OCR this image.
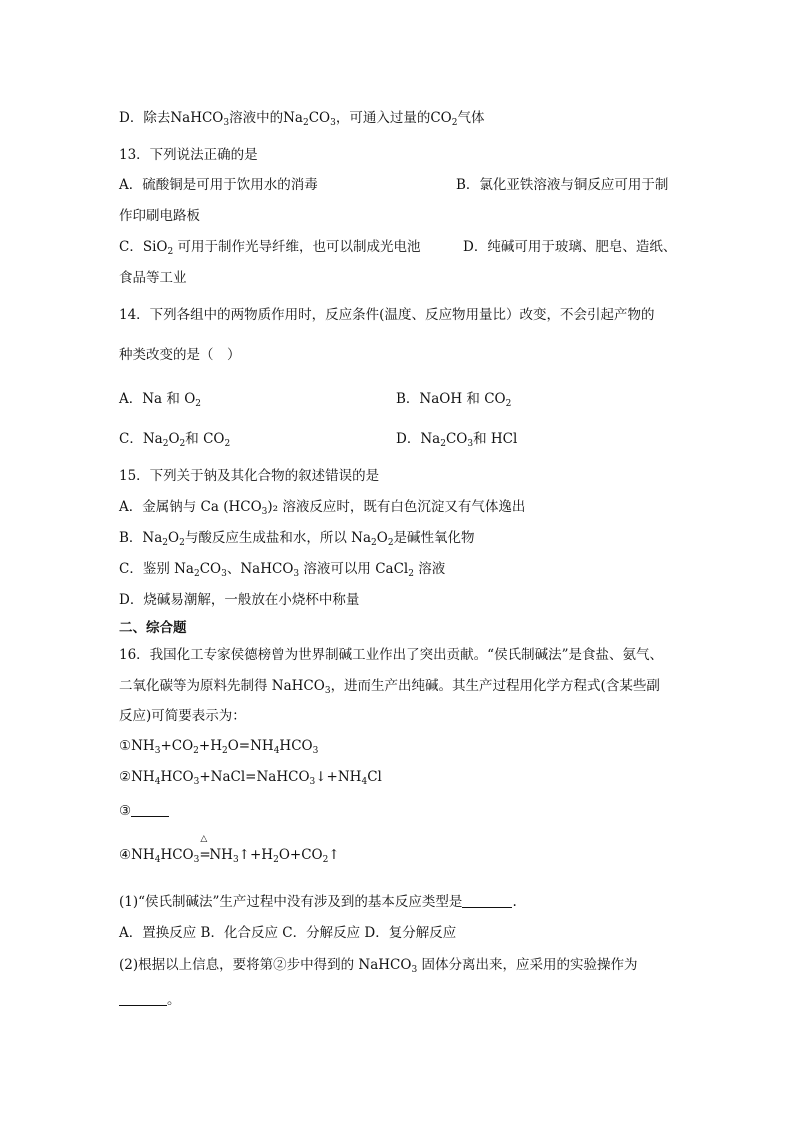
D．除去NaHCO$_3$溶液中的$Na_2CO_3$，可通入过量的$CO_2$气体
13．下列说法正确的是
A．硫酸铜是可用于饮用水的消毒	B．氯化亚铁溶液与铜反应可用于制
作印刷电路板
C．SiO$_2$ 可用于制作光导纤维，也可以制成光电池	D．纯碱可用于玻璃、肥皂、造纸、
食品等工业
14．下列各组中的两物质作用时，反应条件(温度、反应物用量比）改变，不会引起产物的
种类改变的是（　）
A．Na 和 $O_2$	B．NaOH 和 $CO_2$
C．$Na_2O_2$和 $CO_2$	D．$Na_2CO_3$和 HCl
15．下列关于钠及其化合物的叙述错误的是
A．金属钠与 Ca $(HCO_3)_2$ 溶液反应时，既有白色沉淀又有气体逸出
B．$Na_2O_2$与酸反应生成盐和水，所以 $Na_2O_2$是碱性氧化物
C．鉴别 $Na_2CO_3$、NaHCO$_3$ 溶液可以用 CaCl$_2$ 溶液
D．烧碱易潮解，一般放在小烧杯中称量
二、综合题
16．我国化工专家侯德榜曾为世界制碱工业作出了突出贡献。“侯氏制碱法”是食盐、氨气、
二氧化碳等为原料先制得 NaHCO$_3$，进而生产出纯碱。其生产过程用化学方程式(含某些副
反应)可简要表示为：
$①NH_3+CO_2+H_2O=NH_4HCO_3$
$②NH_4HCO_3+NaCl=NaHCO_3↓+NH_4Cl$
③
$④NH_4HCO_3$
△
$=NH_3↑+H_2O+CO_2↑$
(1)“侯氏制碱法”生产过程中没有涉及到的基本反应类型是	.
A．置换反应 B．化合反应 C．分解反应 D．复分解反应
(2)根据以上信息，要将第②步中得到的 NaHCO$_3$ 固体分离出来，应采用的实验操作为
。
